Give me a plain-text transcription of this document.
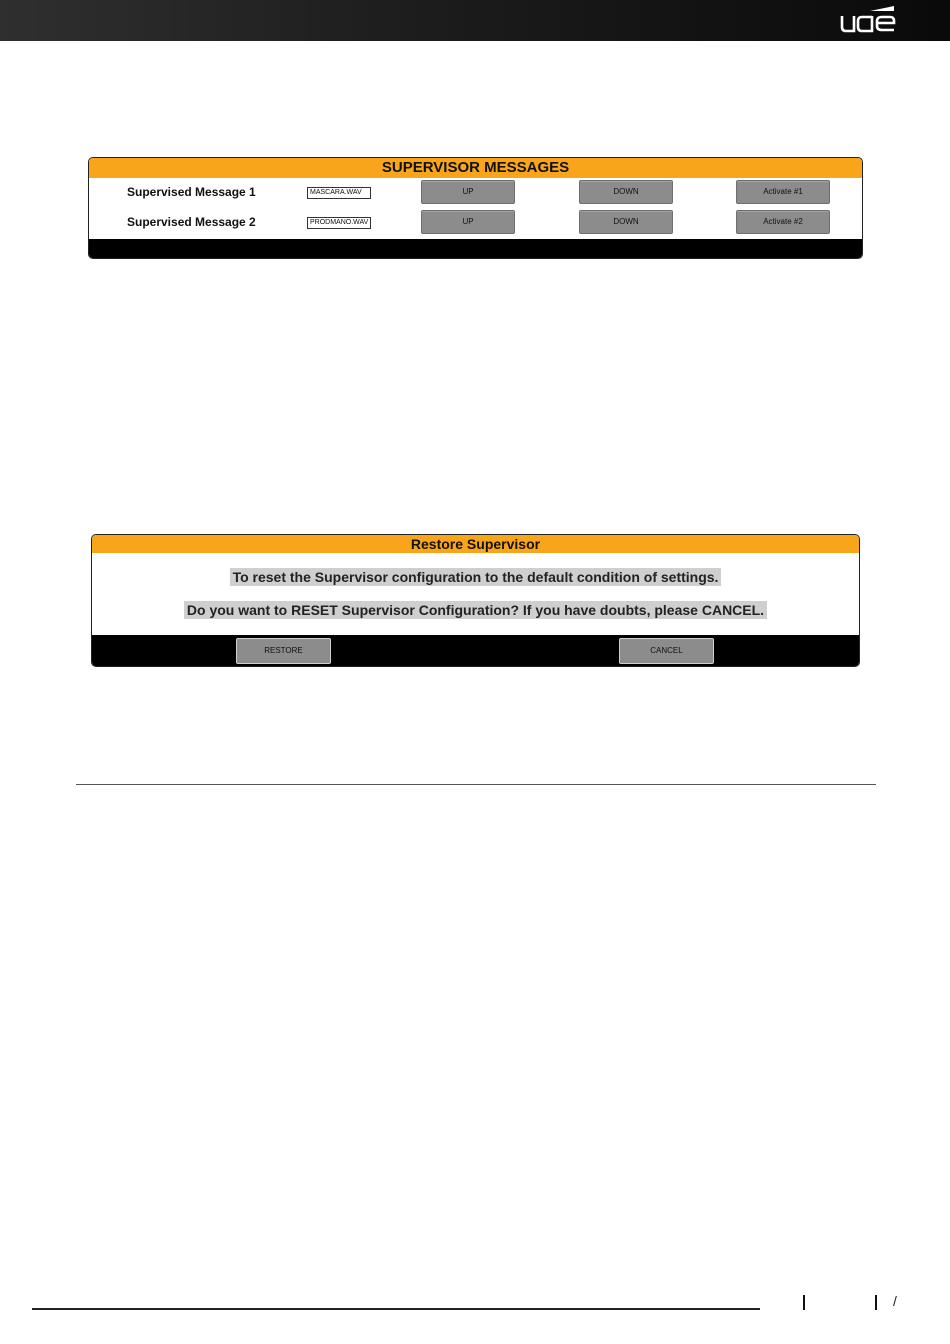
SUPERVISOR MESSAGES
Supervised Message 1	MASCARA.WAV	UP	DOWN	Activate #1
Supervised Message 2	PRODMANO.WAV	UP	DOWN	Activate #2
Restore Supervisor
To reset the Supervisor configuration to the default condition of settings.
Do you want to RESET Supervisor Configuration? If you have doubts, please CANCEL.
RESTORE	CANCEL
/
